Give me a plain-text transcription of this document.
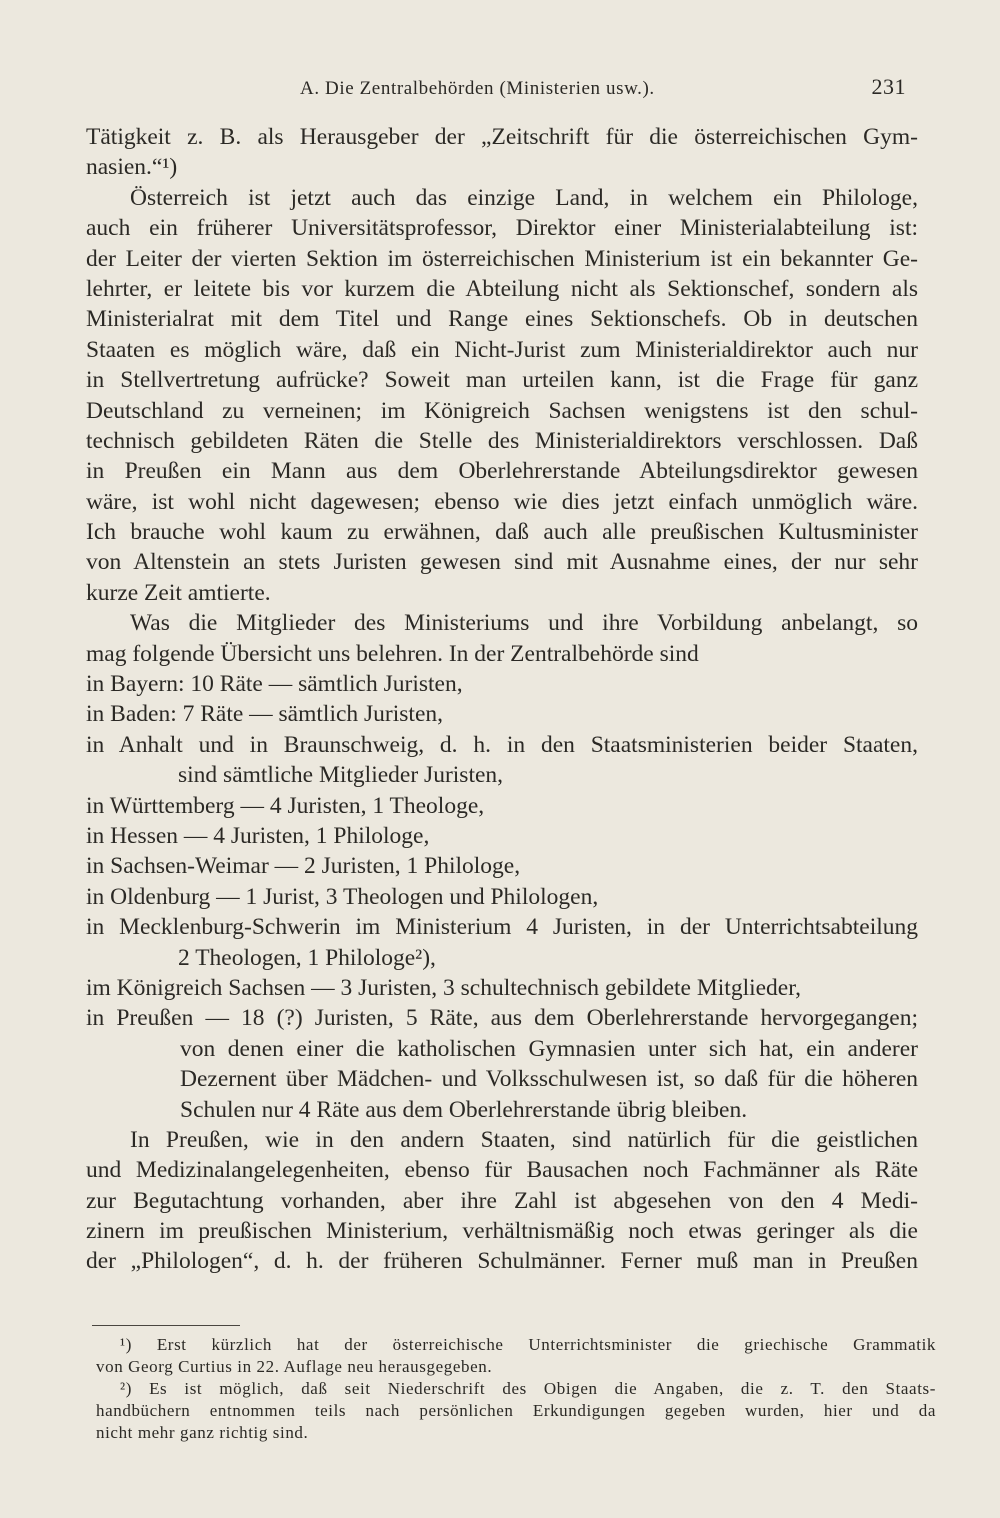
A. Die Zentralbehörden (Ministerien usw.).	231
Tätigkeit z. B. als Herausgeber der „Zeitschrift für die österreichischen Gym-
nasien.“¹)
Österreich ist jetzt auch das einzige Land, in welchem ein Philologe,
auch ein früherer Universitätsprofessor, Direktor einer Ministerialabteilung ist:
der Leiter der vierten Sektion im österreichischen Ministerium ist ein bekannter Ge-
lehrter, er leitete bis vor kurzem die Abteilung nicht als Sektionschef, sondern als
Ministerialrat mit dem Titel und Range eines Sektionschefs. Ob in deutschen
Staaten es möglich wäre, daß ein Nicht-Jurist zum Ministerialdirektor auch nur
in Stellvertretung aufrücke? Soweit man urteilen kann, ist die Frage für ganz
Deutschland zu verneinen; im Königreich Sachsen wenigstens ist den schul-
technisch gebildeten Räten die Stelle des Ministerialdirektors verschlossen. Daß
in Preußen ein Mann aus dem Oberlehrerstande Abteilungsdirektor gewesen
wäre, ist wohl nicht dagewesen; ebenso wie dies jetzt einfach unmöglich wäre.
Ich brauche wohl kaum zu erwähnen, daß auch alle preußischen Kultusminister
von Altenstein an stets Juristen gewesen sind mit Ausnahme eines, der nur sehr
kurze Zeit amtierte.
Was die Mitglieder des Ministeriums und ihre Vorbildung anbelangt, so
mag folgende Übersicht uns belehren. In der Zentralbehörde sind
in Bayern: 10 Räte — sämtlich Juristen,
in Baden: 7 Räte — sämtlich Juristen,
in Anhalt und in Braunschweig, d. h. in den Staatsministerien beider Staaten,
sind sämtliche Mitglieder Juristen,
in Württemberg — 4 Juristen, 1 Theologe,
in Hessen — 4 Juristen, 1 Philologe,
in Sachsen-Weimar — 2 Juristen, 1 Philologe,
in Oldenburg — 1 Jurist, 3 Theologen und Philologen,
in Mecklenburg-Schwerin im Ministerium 4 Juristen, in der Unterrichtsabteilung
2 Theologen, 1 Philologe²),
im Königreich Sachsen — 3 Juristen, 3 schultechnisch gebildete Mitglieder,
in Preußen — 18 (?) Juristen, 5 Räte, aus dem Oberlehrerstande hervorgegangen;
von denen einer die katholischen Gymnasien unter sich hat, ein anderer
Dezernent über Mädchen- und Volksschulwesen ist, so daß für die höheren
Schulen nur 4 Räte aus dem Oberlehrerstande übrig bleiben.
In Preußen, wie in den andern Staaten, sind natürlich für die geistlichen
und Medizinalangelegenheiten, ebenso für Bausachen noch Fachmänner als Räte
zur Begutachtung vorhanden, aber ihre Zahl ist abgesehen von den 4 Medi-
zinern im preußischen Ministerium, verhältnismäßig noch etwas geringer als die
der „Philologen“, d. h. der früheren Schulmänner. Ferner muß man in Preußen
¹) Erst kürzlich hat der österreichische Unterrichtsminister die griechische Grammatik
von Georg Curtius in 22. Auflage neu herausgegeben.
²) Es ist möglich, daß seit Niederschrift des Obigen die Angaben, die z. T. den Staats-
handbüchern entnommen teils nach persönlichen Erkundigungen gegeben wurden, hier und da
nicht mehr ganz richtig sind.
